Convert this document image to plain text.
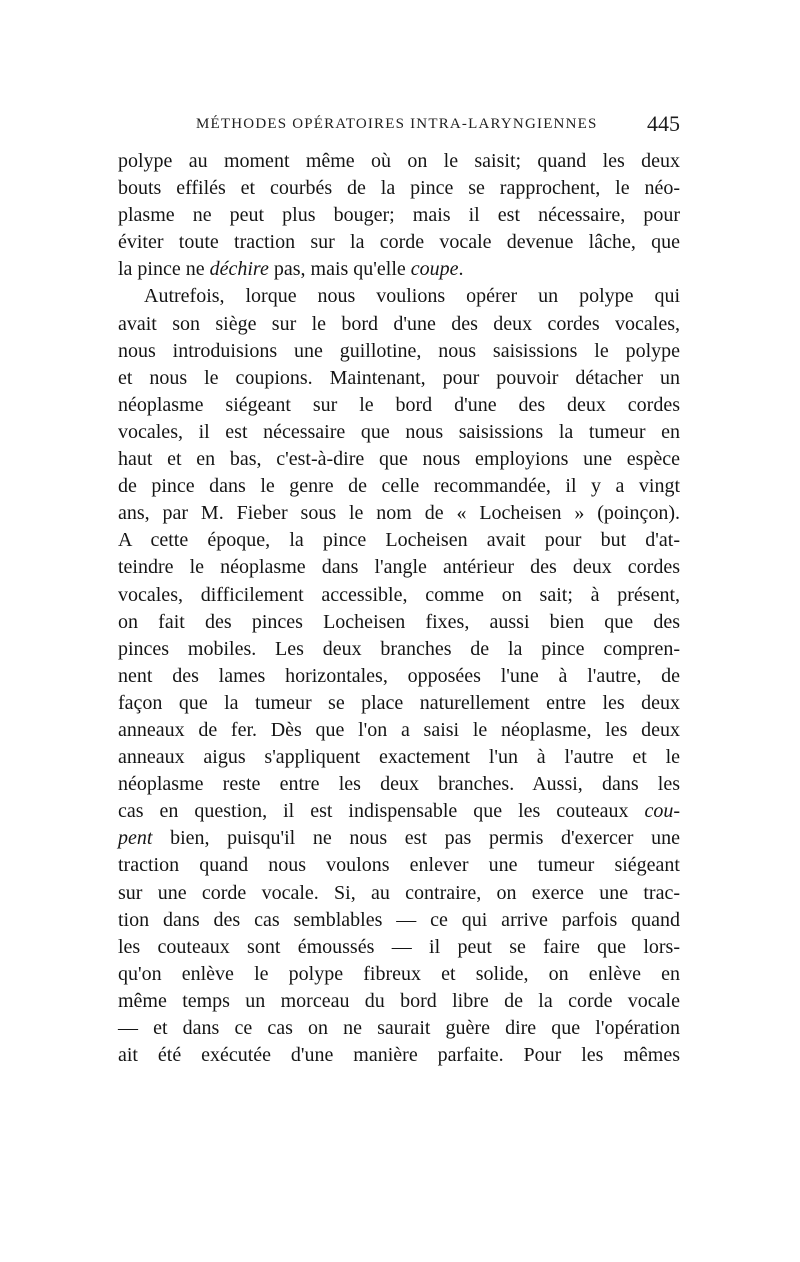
MÉTHODES OPÉRATOIRES INTRA-LARYNGIENNES 445
polype au moment même où on le saisit; quand les deux
bouts effilés et courbés de la pince se rapprochent, le néo-
plasme ne peut plus bouger; mais il est nécessaire, pour
éviter toute traction sur la corde vocale devenue lâche, que
la pince ne déchire pas, mais qu'elle coupe.
Autrefois, lorque nous voulions opérer un polype qui
avait son siège sur le bord d'une des deux cordes vocales,
nous introduisions une guillotine, nous saisissions le polype
et nous le coupions. Maintenant, pour pouvoir détacher un
néoplasme siégeant sur le bord d'une des deux cordes
vocales, il est nécessaire que nous saisissions la tumeur en
haut et en bas, c'est-à-dire que nous employions une espèce
de pince dans le genre de celle recommandée, il y a vingt
ans, par M. Fieber sous le nom de « Locheisen » (poinçon).
A cette époque, la pince Locheisen avait pour but d'at-
teindre le néoplasme dans l'angle antérieur des deux cordes
vocales, difficilement accessible, comme on sait; à présent,
on fait des pinces Locheisen fixes, aussi bien que des
pinces mobiles. Les deux branches de la pince compren-
nent des lames horizontales, opposées l'une à l'autre, de
façon que la tumeur se place naturellement entre les deux
anneaux de fer. Dès que l'on a saisi le néoplasme, les deux
anneaux aigus s'appliquent exactement l'un à l'autre et le
néoplasme reste entre les deux branches. Aussi, dans les
cas en question, il est indispensable que les couteaux cou-
pent bien, puisqu'il ne nous est pas permis d'exercer une
traction quand nous voulons enlever une tumeur siégeant
sur une corde vocale. Si, au contraire, on exerce une trac-
tion dans des cas semblables — ce qui arrive parfois quand
les couteaux sont émoussés — il peut se faire que lors-
qu'on enlève le polype fibreux et solide, on enlève en
même temps un morceau du bord libre de la corde vocale
— et dans ce cas on ne saurait guère dire que l'opération
ait été exécutée d'une manière parfaite. Pour les mêmes
